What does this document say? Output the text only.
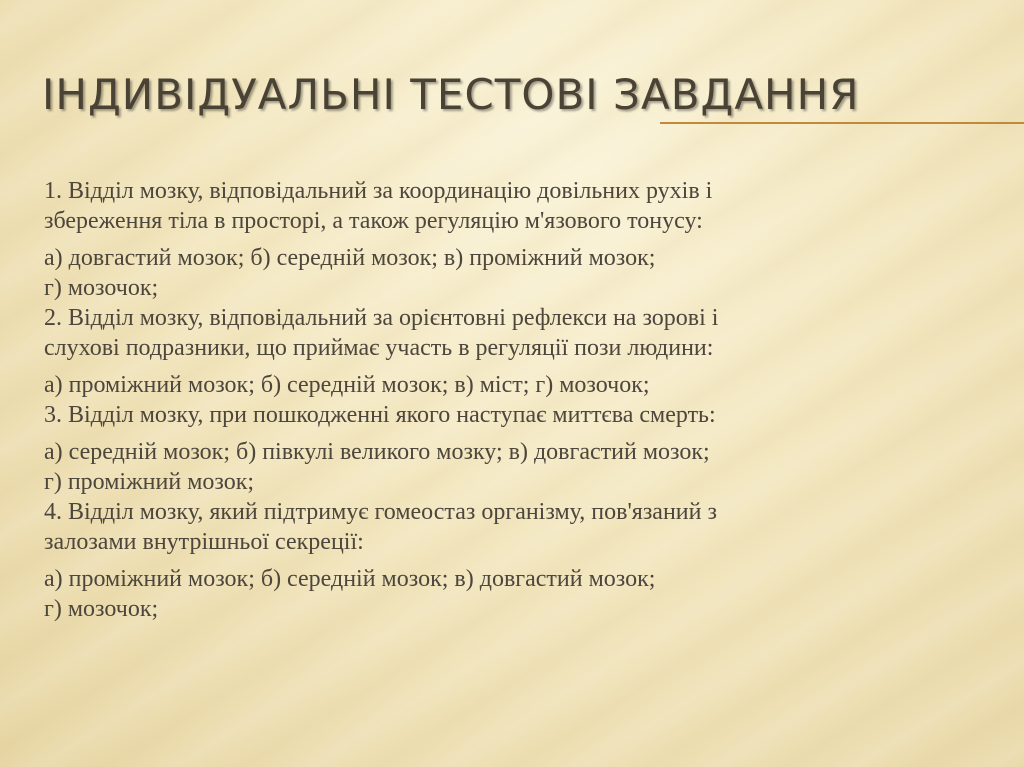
ІНДИВІДУАЛЬНІ ТЕСТОВІ ЗАВДАННЯ

1. Відділ мозку, відповідальний за координацію довільних рухів і
збереження тіла в просторі, а також регуляцію м'язового тонусу:

а) довгастий мозок; б) середній мозок; в) проміжний мозок;
г) мозочок;
2. Відділ мозку, відповідальний за орієнтовні рефлекси на зорові і
слухові подразники, що приймає участь в регуляції пози людини:

а) проміжний мозок; б) середній мозок; в) міст; г) мозочок;
3. Відділ мозку, при пошкодженні якого наступає миттєва смерть:

а) середній мозок; б) півкулі великого мозку; в) довгастий мозок;
г) проміжний мозок;
4. Відділ мозку, який підтримує гомеостаз організму, пов'язаний з
залозами внутрішньої секреції:

а) проміжний мозок; б) середній мозок; в) довгастий мозок;
г) мозочок;
